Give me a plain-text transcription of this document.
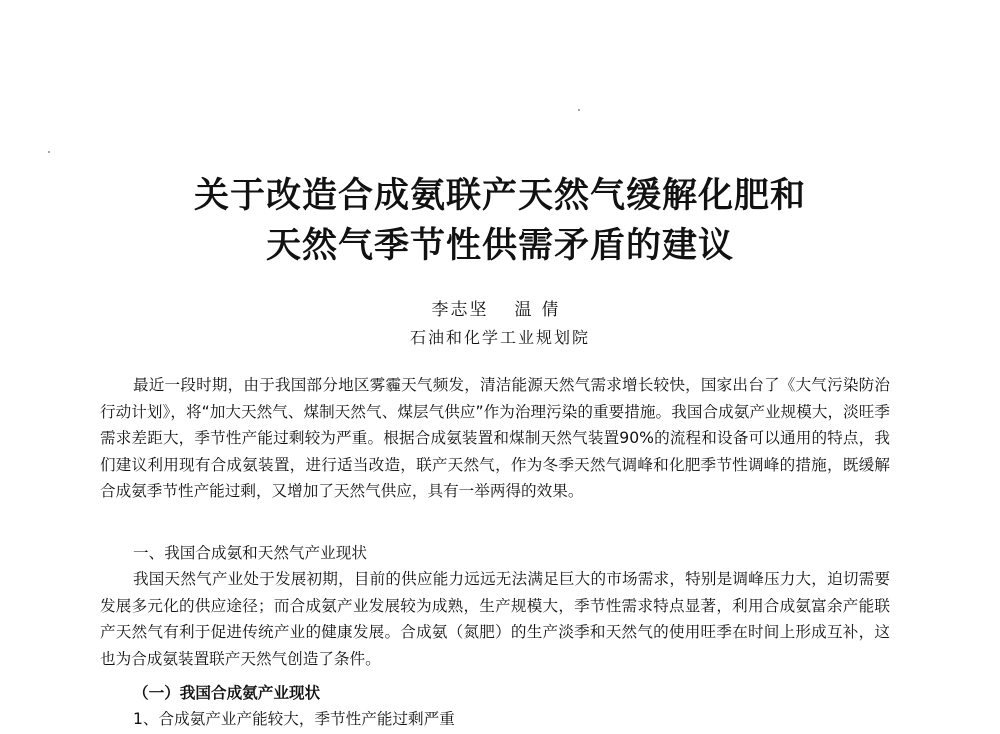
关于改造合成氨联产天然气缓解化肥和
天然气季节性供需矛盾的建议
李志坚 温倩
石油和化学工业规划院

最近一段时期，由于我国部分地区雾霾天气频发，清洁能源天然气需求增长较快，国家出台了《大气污染防治行动计划》，将“加大天然气、煤制天然气、煤层气供应”作为治理污染的重要措施。我国合成氨产业规模大，淡旺季需求差距大，季节性产能过剩较为严重。根据合成氨装置和煤制天然气装置90%的流程和设备可以通用的特点，我们建议利用现有合成氨装置，进行适当改造，联产天然气，作为冬季天然气调峰和化肥季节性调峰的措施，既缓解合成氨季节性产能过剩，又增加了天然气供应，具有一举两得的效果。

一、我国合成氨和天然气产业现状

我国天然气产业处于发展初期，目前的供应能力远远无法满足巨大的市场需求，特别是调峰压力大，迫切需要发展多元化的供应途径；而合成氨产业发展较为成熟，生产规模大，季节性需求特点显著，利用合成氨富余产能联产天然气有利于促进传统产业的健康发展。合成氨（氮肥）的生产淡季和天然气的使用旺季在时间上形成互补，这也为合成氨装置联产天然气创造了条件。

（一）我国合成氨产业现状

1、合成氨产业产能较大，季节性产能过剩严重
